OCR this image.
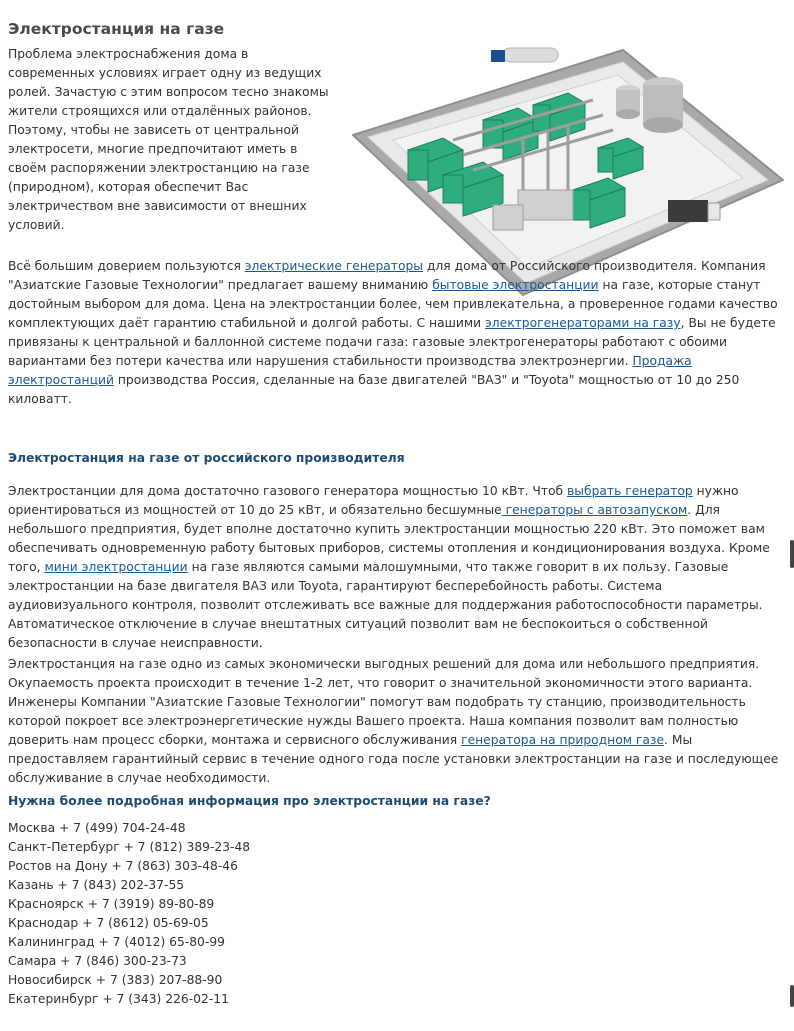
Электростанция на газе

Проблема электроснабжения дома в современных условиях играет одну из ведущих ролей. Зачастую с этим вопросом тесно знакомы жители строящихся или отдалённых районов. Поэтому, чтобы не зависеть от центральной электросети, многие предпочитают иметь в своём распоряжении электростанцию на газе (природном), которая обеспечит Вас электричеством вне зависимости от внешних условий.

Всё большим доверием пользуются электрические генераторы для дома от Российского производителя. Компания "Азиатские Газовые Технологии" предлагает вашему вниманию бытовые электростанции на газе, которые станут достойным выбором для дома. Цена на электростанции более, чем привлекательна, а проверенное годами качество комплектующих даёт гарантию стабильной и долгой работы. С нашими электрогенераторами на газу, Вы не будете привязаны к центральной и баллонной системе подачи газа: газовые электрогенераторы работают с обоими вариантами без потери качества или нарушения стабильности производства электроэнергии. Продажа электростанций производства Россия, сделанные на базе двигателей "ВАЗ" и "Toyota" мощностью от 10 до 250 киловатт.

Электростанция на газе от российского производителя

Электростанции для дома достаточно газового генератора мощностью 10 кВт. Чтоб выбрать генератор нужно ориентироваться из мощностей от 10 до 25 кВт, и обязательно бесшумные генераторы с автозапуском. Для небольшого предприятия, будет вполне достаточно купить электростанции мощностью 220 кВт. Это поможет вам обеспечивать одновременную работу бытовых приборов, системы отопления и кондиционирования воздуха. Кроме того, мини электростанции на газе являются самыми малошумными, что также говорит в их пользу. Газовые электростанции на базе двигателя ВАЗ или Toyota, гарантируют бесперебойность работы. Система аудиовизуального контроля, позволит отслеживать все важные для поддержания работоспособности параметры. Автоматическое отключение в случае внештатных ситуаций позволит вам не беспокоиться о собственной безопасности в случае неисправности.

Электростанция на газе одно из самых экономически выгодных решений для дома или небольшого предприятия. Окупаемость проекта происходит в течение 1-2 лет, что говорит о значительной экономичности этого варианта. Инженеры Компании "Азиатские Газовые Технологии" помогут вам подобрать ту станцию, производительность которой покроет все электроэнергетические нужды Вашего проекта. Наша компания позволит вам полностью доверить нам процесс сборки, монтажа и сервисного обслуживания генератора на природном газе. Мы предоставляем гарантийный сервис в течение одного года после установки электростанции на газе и последующее обслуживание в случае необходимости.

Нужна более подробная информация про электростанции на газе?
Москва + 7 (499) 704-24-48
Санкт-Петербург + 7 (812) 389-23-48
Ростов на Дону + 7 (863) 303-48-46
Казань + 7 (843) 202-37-55
Красноярск + 7 (3919) 89-80-89
Краснодар + 7 (8612) 05-69-05
Калининград + 7 (4012) 65-80-99
Самара + 7 (846) 300-23-73
Новосибирск + 7 (383) 207-88-90
Екатеринбург + 7 (343) 226-02-11
